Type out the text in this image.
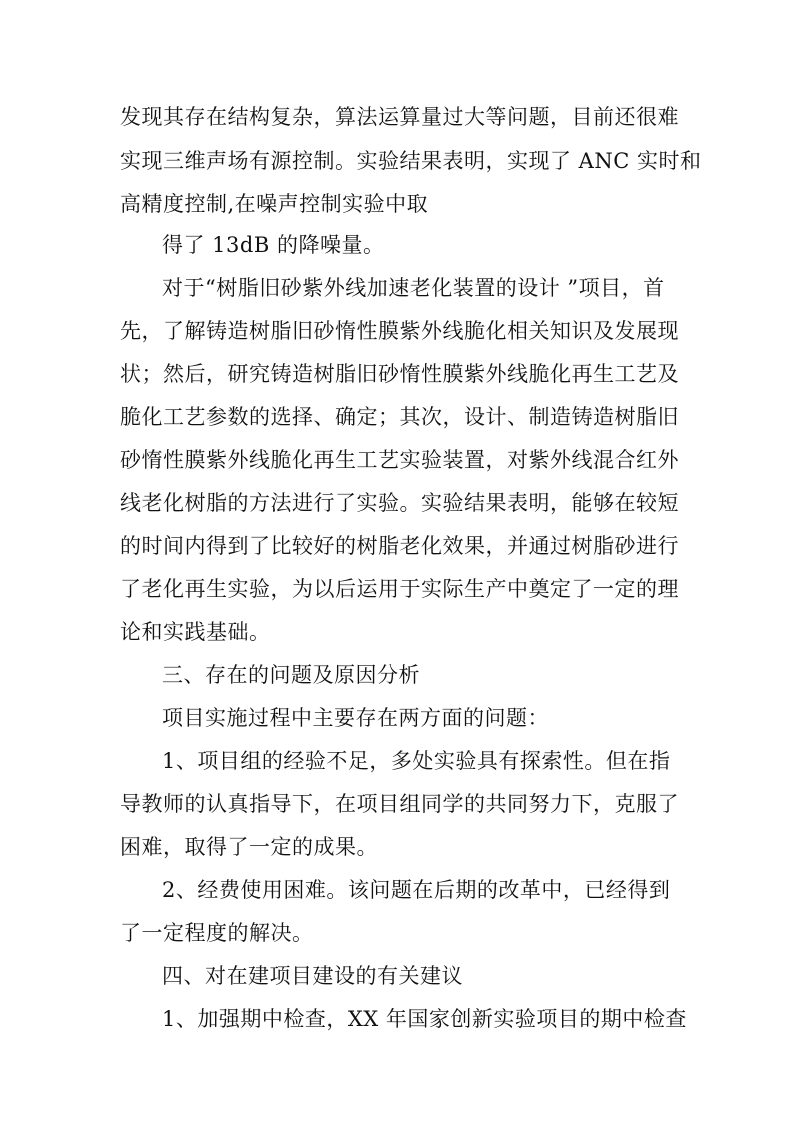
发现其存在结构复杂，算法运算量过大等问题，目前还很难
实现三维声场有源控制。实验结果表明，实现了 ANC 实时和
高精度控制,在噪声控制实验中取
得了 13dB 的降噪量。
对于“树脂旧砂紫外线加速老化装置的设计 ”项目，首
先，了解铸造树脂旧砂惰性膜紫外线脆化相关知识及发展现
状；然后，研究铸造树脂旧砂惰性膜紫外线脆化再生工艺及
脆化工艺参数的选择、确定；其次，设计、制造铸造树脂旧
砂惰性膜紫外线脆化再生工艺实验装置，对紫外线混合红外
线老化树脂的方法进行了实验。实验结果表明，能够在较短
的时间内得到了比较好的树脂老化效果，并通过树脂砂进行
了老化再生实验，为以后运用于实际生产中奠定了一定的理
论和实践基础。
三、存在的问题及原因分析
项目实施过程中主要存在两方面的问题：
1、项目组的经验不足，多处实验具有探索性。但在指
导教师的认真指导下，在项目组同学的共同努力下，克服了
困难，取得了一定的成果。
2、经费使用困难。该问题在后期的改革中，已经得到
了一定程度的解决。
四、对在建项目建设的有关建议
1、加强期中检查，XX 年国家创新实验项目的期中检查
